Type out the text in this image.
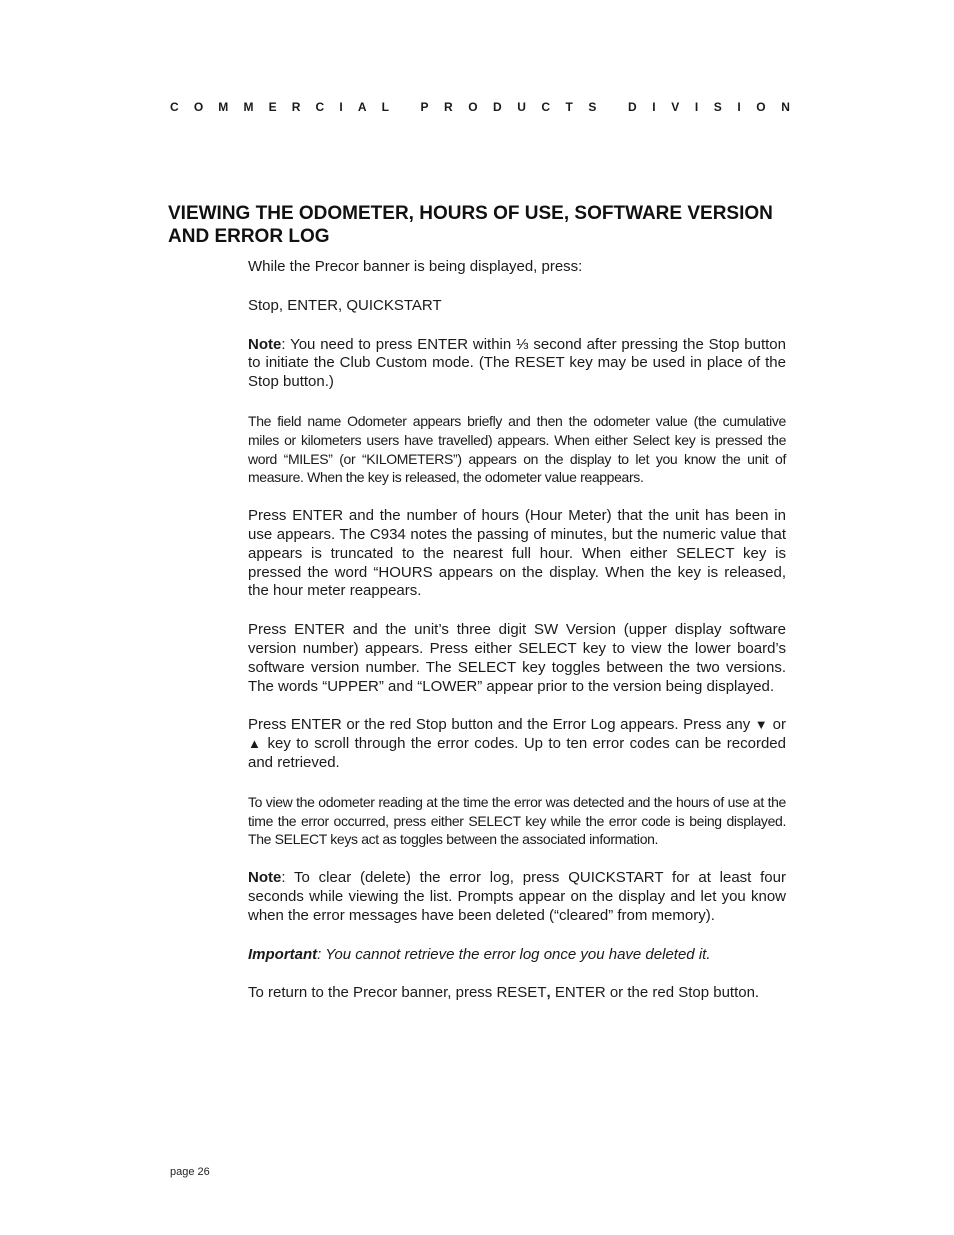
C O M M E R C I A L	P R O D U C T S	D I V I S I O N
VIEWING THE ODOMETER, HOURS OF USE, SOFTWARE VERSION AND ERROR LOG

While the Precor banner is being displayed, press:

Stop, ENTER, QUICKSTART

Note: You need to press ENTER within ⅓ second after pressing the Stop button to initiate the Club Custom mode. (The RESET key may be used in place of the Stop button.)

The field name Odometer appears briefly and then the odometer value (the cumulative miles or kilometers users have travelled) appears. When either Select key is pressed the word “MILES” (or “KILOMETERS”) appears on the display to let you know the unit of measure. When the key is released, the odometer value reappears.

Press ENTER and the number of hours (Hour Meter) that the unit has been in use appears. The C934 notes the passing of minutes, but the numeric value that appears is truncated to the nearest full hour. When either SELECT key is pressed the word “HOURS appears on the display. When the key is released, the hour meter reappears.

Press ENTER and the unit’s three digit SW Version (upper display software version number) appears. Press either SELECT key to view the lower board’s software version number. The SELECT key toggles between the two versions. The words “UPPER” and “LOWER” appear prior to the version being displayed.

Press ENTER or the red Stop button and the Error Log appears. Press any ▼ or ▲ key to scroll through the error codes. Up to ten error codes can be recorded and retrieved.

To view the odometer reading at the time the error was detected and the hours of use at the time the error occurred, press either SELECT key while the error code is being displayed. The SELECT keys act as toggles between the associated information.

Note: To clear (delete) the error log, press QUICKSTART for at least four seconds while viewing the list. Prompts appear on the display and let you know when the error messages have been deleted (“cleared” from memory).

Important: You cannot retrieve the error log once you have deleted it.

To return to the Precor banner, press RESET, ENTER or the red Stop button.

page 26
